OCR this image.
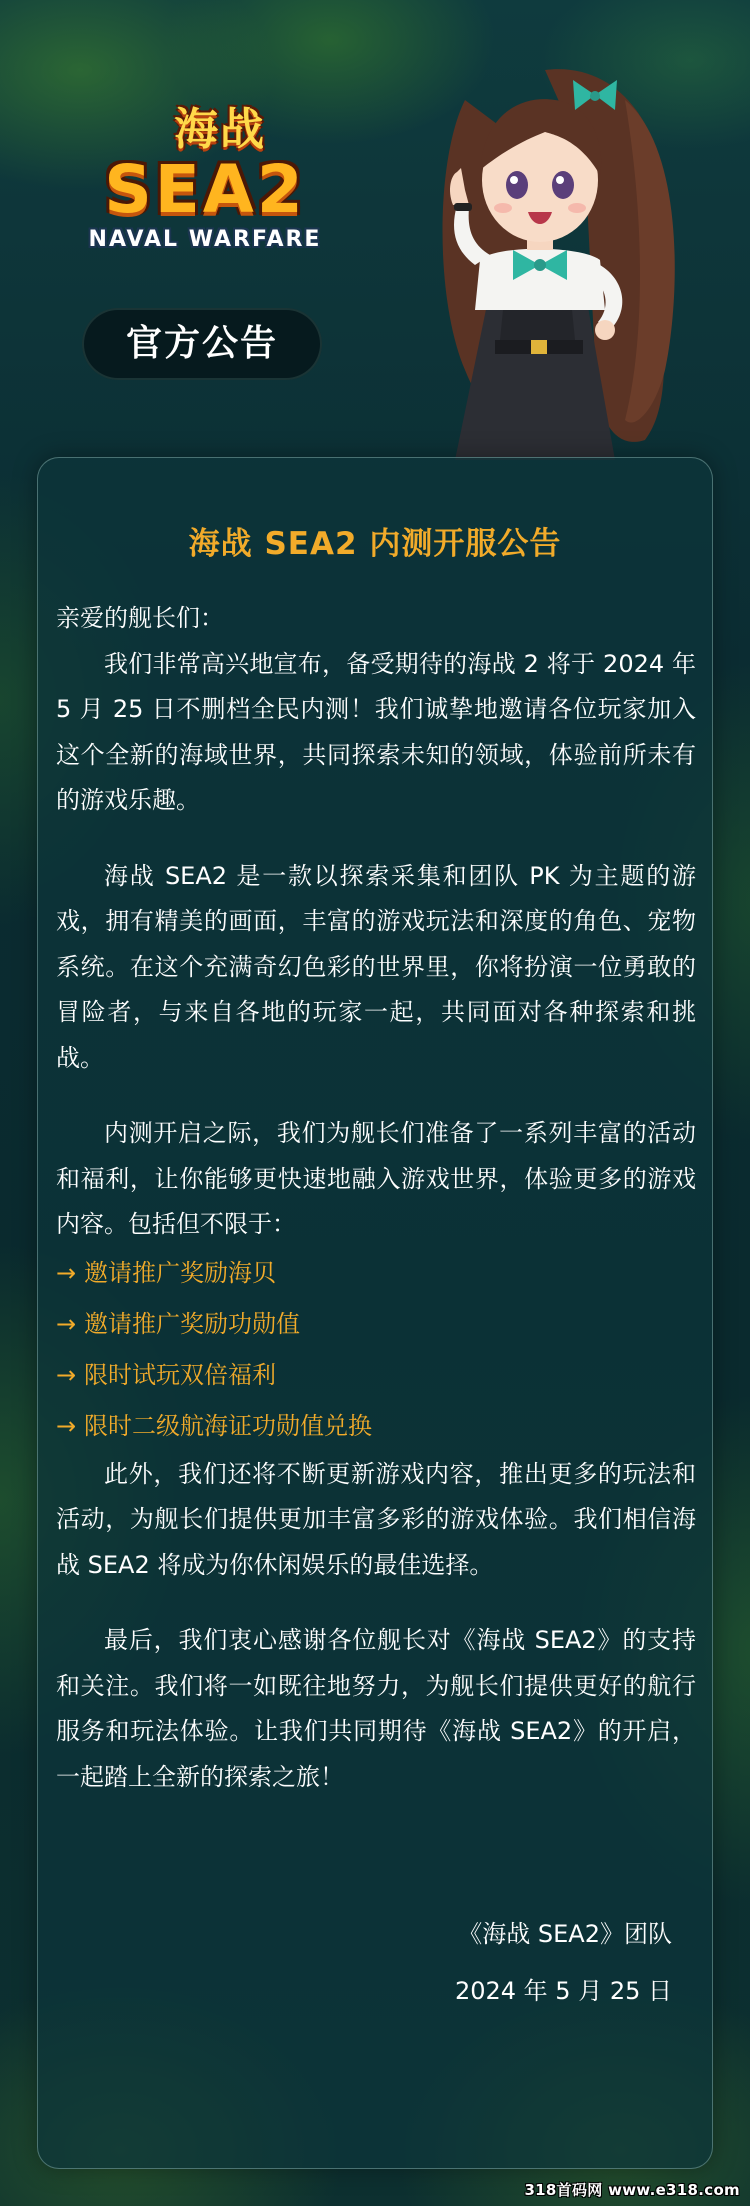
海战
SEA2
NAVAL WARFARE
官方公告
海战 SEA2 内测开服公告

亲爱的舰长们：

我们非常高兴地宣布，备受期待的海战 2 将于 2024 年 5 月 25 日不删档全民内测！我们诚挚地邀请各位玩家加入这个全新的海域世界，共同探索未知的领域，体验前所未有的游戏乐趣。

海战 SEA2 是一款以探索采集和团队 PK 为主题的游戏，拥有精美的画面，丰富的游戏玩法和深度的角色、宠物系统。在这个充满奇幻色彩的世界里，你将扮演一位勇敢的冒险者，与来自各地的玩家一起，共同面对各种探索和挑战。

内测开启之际，我们为舰长们准备了一系列丰富的活动和福利，让你能够更快速地融入游戏世界，体验更多的游戏内容。包括但不限于：

→ 邀请推广奖励海贝
→ 邀请推广奖励功勋值
→ 限时试玩双倍福利
→ 限时二级航海证功勋值兑换

此外，我们还将不断更新游戏内容，推出更多的玩法和活动，为舰长们提供更加丰富多彩的游戏体验。我们相信海战 SEA2 将成为你休闲娱乐的最佳选择。

最后，我们衷心感谢各位舰长对《海战 SEA2》的支持和关注。我们将一如既往地努力，为舰长们提供更好的航行服务和玩法体验。让我们共同期待《海战 SEA2》的开启，一起踏上全新的探索之旅！

《海战 SEA2》团队
2024 年 5 月 25 日
318首码网 www.e318.com
